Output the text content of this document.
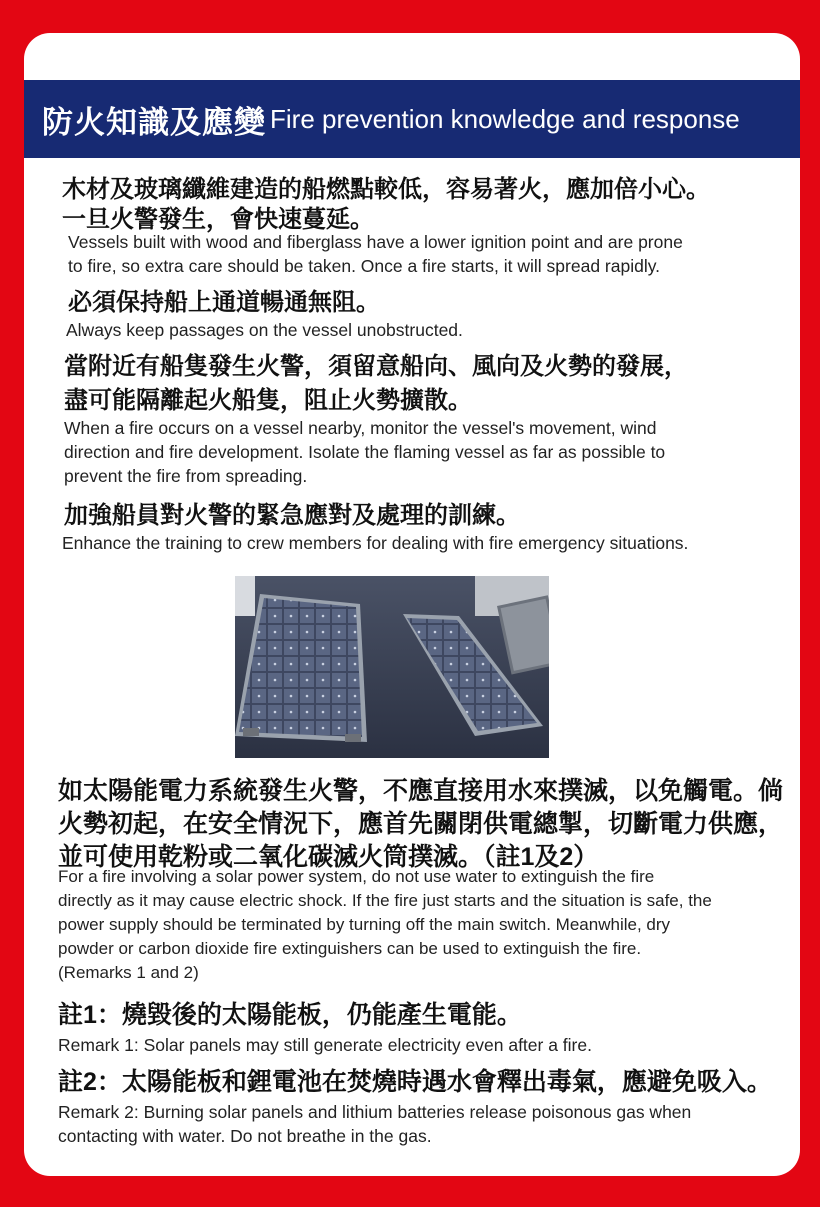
防火知識及應變 Fire prevention knowledge and response
木材及玻璃纖維建造的船燃點較低，容易著火，應加倍小心。
一旦火警發生，會快速蔓延。
Vessels built with wood and fiberglass have a lower ignition point and are prone
to fire, so extra care should be taken. Once a fire starts, it will spread rapidly.
必須保持船上通道暢通無阻。
Always keep passages on the vessel unobstructed.
當附近有船隻發生火警，須留意船向、風向及火勢的發展，
盡可能隔離起火船隻，阻止火勢擴散。
When a fire occurs on a vessel nearby, monitor the vessel's movement, wind
direction and fire development. Isolate the flaming vessel as far as possible to
prevent the fire from spreading.
加強船員對火警的緊急應對及處理的訓練。
Enhance the training to crew members for dealing with fire emergency situations.
如太陽能電力系統發生火警，不應直接用水來撲滅，以免觸電。倘
火勢初起，在安全情況下，應首先關閉供電總掣，切斷電力供應，
並可使用乾粉或二氧化碳滅火筒撲滅。（註1及2）
For a fire involving a solar power system, do not use water to extinguish the fire
directly as it may cause electric shock. If the fire just starts and the situation is safe, the
power supply should be terminated by turning off the main switch. Meanwhile, dry
powder or carbon dioxide fire extinguishers can be used to extinguish the fire.
(Remarks 1 and 2)
註1：燒毀後的太陽能板，仍能產生電能。
Remark 1: Solar panels may still generate electricity even after a fire.
註2：太陽能板和鋰電池在焚燒時遇水會釋出毒氣，應避免吸入。
Remark 2: Burning solar panels and lithium batteries release poisonous gas when
contacting with water. Do not breathe in the gas.
